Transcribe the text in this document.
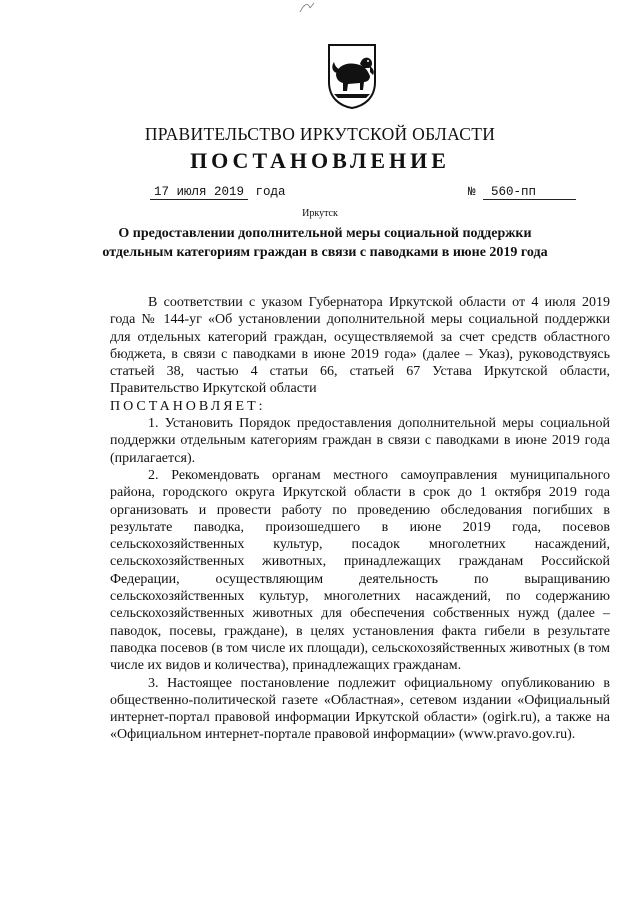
ПРАВИТЕЛЬСТВО ИРКУТСКОЙ ОБЛАСТИ
ПОСТАНОВЛЕНИЕ
17 июля 2019 года	№ 560-пп
Иркутск
О предоставлении дополнительной меры социальной поддержки
отдельным категориям граждан в связи с паводками в июне 2019 года

В соответствии с указом Губернатора Иркутской области от 4 июля 2019 года № 144-уг «Об установлении дополнительной меры социальной поддержки для отдельных категорий граждан, осуществляемой за счет средств областного бюджета, в связи с паводками в июне 2019 года» (далее – Указ), руководствуясь статьей 38, частью 4 статьи 66, статьей 67 Устава Иркутской области, Правительство Иркутской области

ПОСТАНОВЛЯЕТ:

1. Установить Порядок предоставления дополнительной меры социальной поддержки отдельным категориям граждан в связи с паводками в июне 2019 года (прилагается).

2. Рекомендовать органам местного самоуправления муниципального района, городского округа Иркутской области в срок до 1 октября 2019 года организовать и провести работу по проведению обследования погибших в результате паводка, произошедшего в июне 2019 года, посевов сельскохозяйственных культур, посадок многолетних насаждений, сельскохозяйственных животных, принадлежащих гражданам Российской Федерации, осуществляющим деятельность по выращиванию сельскохозяйственных культур, многолетних насаждений, по содержанию сельскохозяйственных животных для обеспечения собственных нужд (далее – паводок, посевы, граждане), в целях установления факта гибели в результате паводка посевов (в том числе их площади), сельскохозяйственных животных (в том числе их видов и количества), принадлежащих гражданам.

3. Настоящее постановление подлежит официальному опубликованию в общественно-политической газете «Областная», сетевом издании «Официальный интернет-портал правовой информации Иркутской области» (ogirk.ru), а также на «Официальном интернет-портале правовой информации» (www.pravo.gov.ru).
